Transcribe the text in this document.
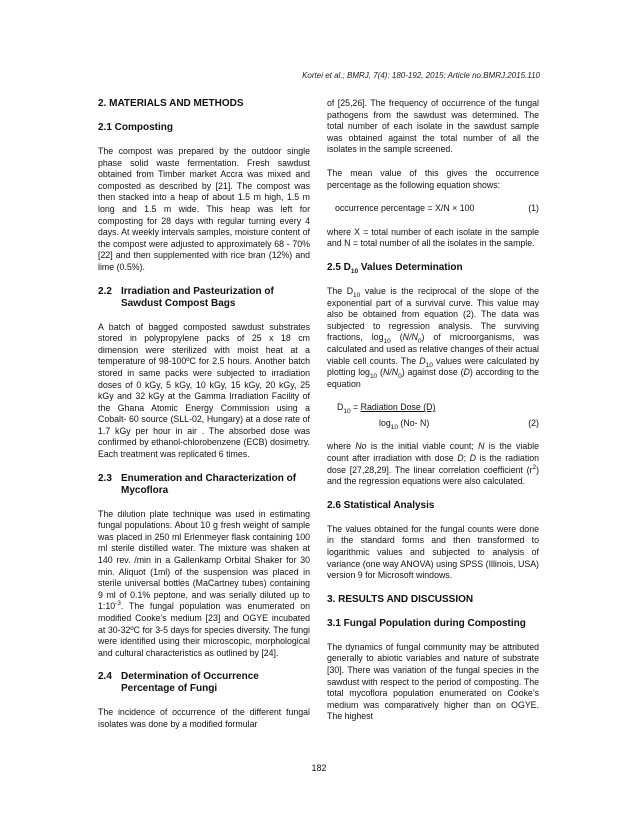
Kortei et al.; BMRJ, 7(4): 180-192, 2015; Article no.BMRJ.2015.110
2. MATERIALS AND METHODS
2.1 Composting
The compost was prepared by the outdoor single phase solid waste fermentation. Fresh sawdust obtained from Timber market Accra was mixed and composted as described by [21]. The compost was then stacked into a heap of about 1.5 m high, 1.5 m long and 1.5 m wide. This heap was left for composting for 28 days with regular turning every 4 days. At weekly intervals samples, moisture content of the compost were adjusted to approximately 68 - 70% [22] and then supplemented with rice bran (12%) and lime (0.5%).
2.2 Irradiation and Pasteurization of Sawdust Compost Bags
A batch of bagged composted sawdust substrates stored in polypropylene packs of 25 x 18 cm dimension were sterilized with moist heat at a temperature of 98-100ºC for 2.5 hours. Another batch stored in same packs were subjected to irradiation doses of 0 kGy, 5 kGy, 10 kGy, 15 kGy, 20 kGy, 25 kGy and 32 kGy at the Gamma Irradiation Facility of the Ghana Atomic Energy Commission using a Cobalt- 60 source (SLL-02, Hungary) at a dose rate of 1.7 kGy per hour in air . The absorbed dose was confirmed by ethanol-chlorobenzene (ECB) dosimetry. Each treatment was replicated 6 times.
2.3 Enumeration and Characterization of Mycoflora
The dilution plate technique was used in estimating fungal populations. About 10 g fresh weight of sample was placed in 250 ml Erlenmeyer flask containing 100 ml sterile distilled water. The mixture was shaken at 140 rev. /min in a Gallenkamp Orbital Shaker for 30 min. Aliquot (1ml) of the suspension was placed in sterile universal bottles (MaCartney tubes) containing 9 ml of 0.1% peptone, and was serially diluted up to $1:10^{-3}$. The fungal population was enumerated on modified Cooke’s medium [23] and OGYE incubated at 30-32ºC for 3-5 days for species diversity. The fungi were identified using their microscopic, morphological and cultural characteristics as outlined by [24].
2.4 Determination of Occurrence Percentage of Fungi
The incidence of occurrence of the different fungal isolates was done by a modified formular
of [25,26]. The frequency of occurrence of the fungal pathogens from the sawdust was determined. The total number of each isolate in the sawdust sample was obtained against the total number of all the isolates in the sample screened.
The mean value of this gives the occurrence percentage as the following equation shows:
occurrence percentage = X/N × 100	(1)
where X = total number of each isolate in the sample and N = total number of all the isolates in the sample.
2.5 $D_{10}$ Values Determination
The $D_{10}$ value is the reciprocal of the slope of the exponential part of a survival curve. This value may also be obtained from equation (2). The data was subjected to regression analysis. The surviving fractions, $\log_{10} (N/N_0)$ of microorganisms, was calculated and used as relative changes of their actual viable cell counts. The $D_{10}$ values were calculated by plotting $\log_{10} (N/N_0)$ against dose (D) according to the equation
$D_{10}$ = Radiation Dose (D)
$\log_{10} (No-$ N)	(2)
where No is the initial viable count; N is the viable count after irradiation with dose D; D is the radiation dose [27,28,29]. The linear correlation coefficient $(r^2)$ and the regression equations were also calculated.
2.6 Statistical Analysis
The values obtained for the fungal counts were done in the standard forms and then transformed to logarithmic values and subjected to analysis of variance (one way ANOVA) using SPSS (Illinois, USA) version 9 for Microsoft windows.
3. RESULTS AND DISCUSSION
3.1 Fungal Population during Composting
The dynamics of fungal community may be attributed generally to abiotic variables and nature of substrate [30]. There was variation of the fungal species in the sawdust with respect to the period of composting. The total mycoflora population enumerated on Cooke’s medium was comparatively higher than on OGYE. The highest
182
